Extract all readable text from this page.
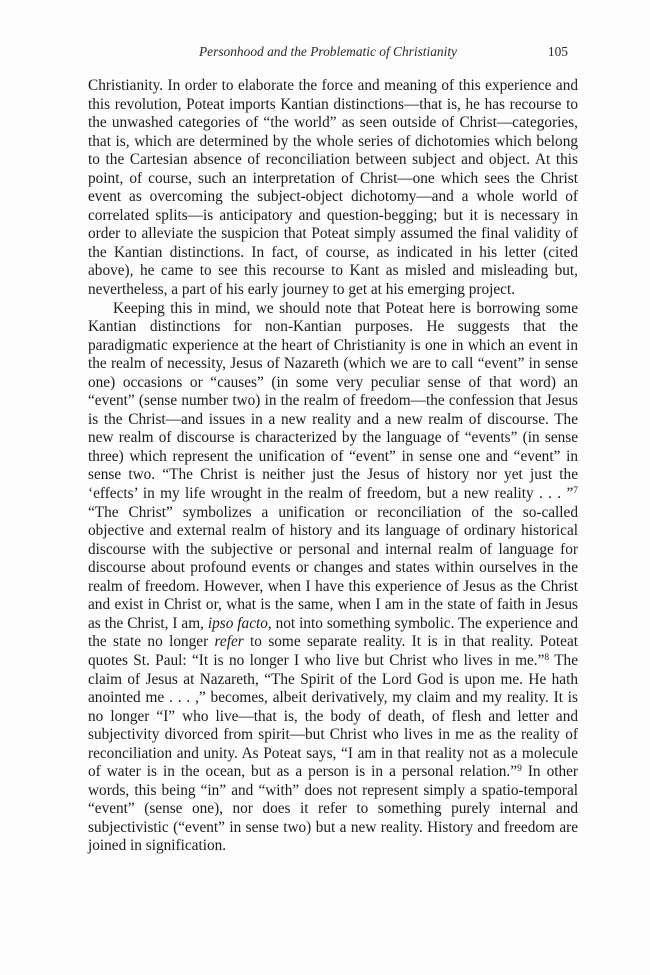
Personhood and the Problematic of Christianity	105

Christianity. In order to elaborate the force and meaning of this experience and this revolution, Poteat imports Kantian distinctions—that is, he has recourse to the unwashed categories of “the world” as seen outside of Christ—categories, that is, which are determined by the whole series of dichotomies which belong to the Cartesian absence of reconciliation between subject and object. At this point, of course, such an interpretation of Christ—one which sees the Christ event as overcoming the subject-object dichotomy—and a whole world of correlated splits—is anticipatory and question-begging; but it is necessary in order to alleviate the suspicion that Poteat simply assumed the final validity of the Kantian distinctions. In fact, of course, as indicated in his letter (cited above), he came to see this recourse to Kant as misled and misleading but, nevertheless, a part of his early journey to get at his emerging project.

Keeping this in mind, we should note that Poteat here is borrowing some Kantian distinctions for non-Kantian purposes. He suggests that the paradigmatic experience at the heart of Christianity is one in which an event in the realm of necessity, Jesus of Nazareth (which we are to call “event” in sense one) occasions or “causes” (in some very peculiar sense of that word) an “event” (sense number two) in the realm of freedom—the confession that Jesus is the Christ—and issues in a new reality and a new realm of discourse. The new realm of discourse is characterized by the language of “events” (in sense three) which represent the unification of “event” in sense one and “event” in sense two. “The Christ is neither just the Jesus of history nor yet just the ‘effects’ in my life wrought in the realm of freedom, but a new reality . . . ”$^7$ “The Christ” symbolizes a unification or reconciliation of the so-called objective and external realm of history and its language of ordinary historical discourse with the subjective or personal and internal realm of language for discourse about profound events or changes and states within ourselves in the realm of freedom. However, when I have this experience of Jesus as the Christ and exist in Christ or, what is the same, when I am in the state of faith in Jesus as the Christ, I am, ipso facto, not into something symbolic. The experience and the state no longer refer to some separate reality. It is in that reality. Poteat quotes St. Paul: “It is no longer I who live but Christ who lives in me.”$^8$ The claim of Jesus at Nazareth, “The Spirit of the Lord God is upon me. He hath anointed me . . . ,” becomes, albeit derivatively, my claim and my reality. It is no longer “I” who live—that is, the body of death, of flesh and letter and subjectivity divorced from spirit—but Christ who lives in me as the reality of reconciliation and unity. As Poteat says, “I am in that reality not as a molecule of water is in the ocean, but as a person is in a personal relation.”$^9$ In other words, this being “in” and “with” does not represent simply a spatio-temporal “event” (sense one), nor does it refer to something purely internal and subjectivistic (“event” in sense two) but a new reality. History and freedom are joined in signification.
